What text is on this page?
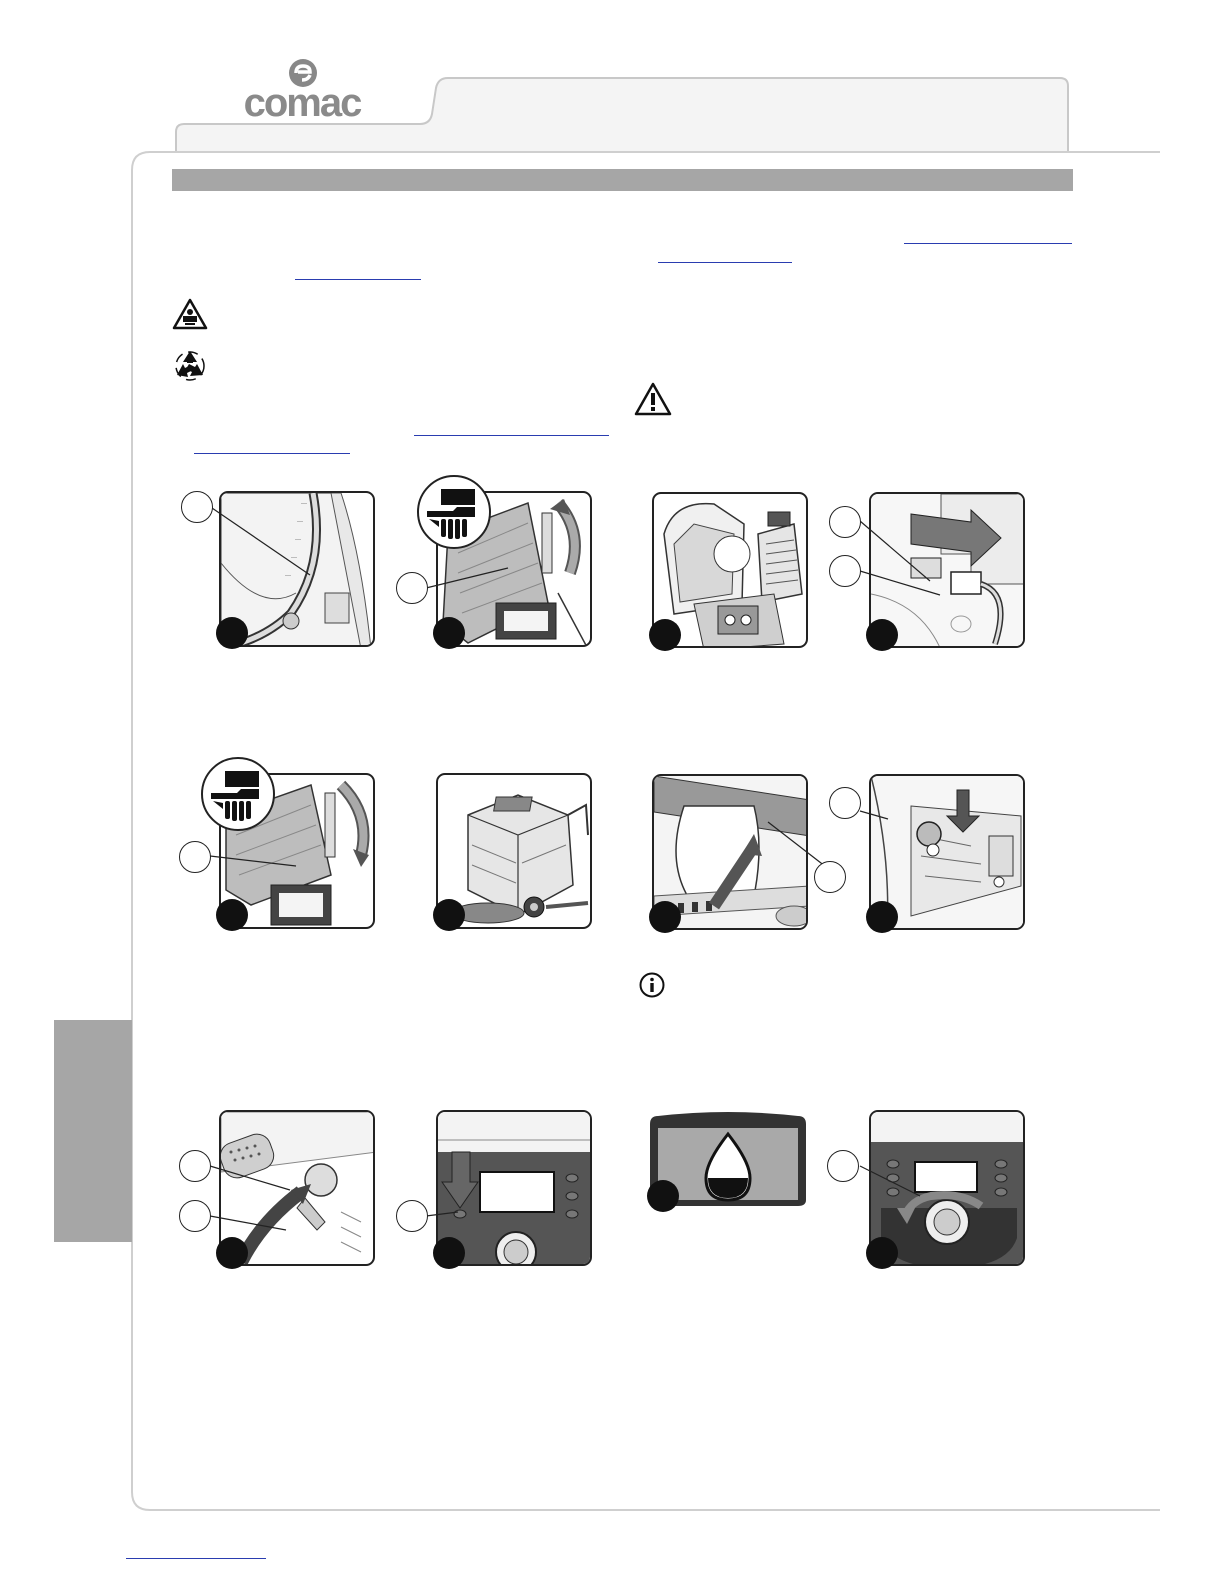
comac
—
—
—
—
—
